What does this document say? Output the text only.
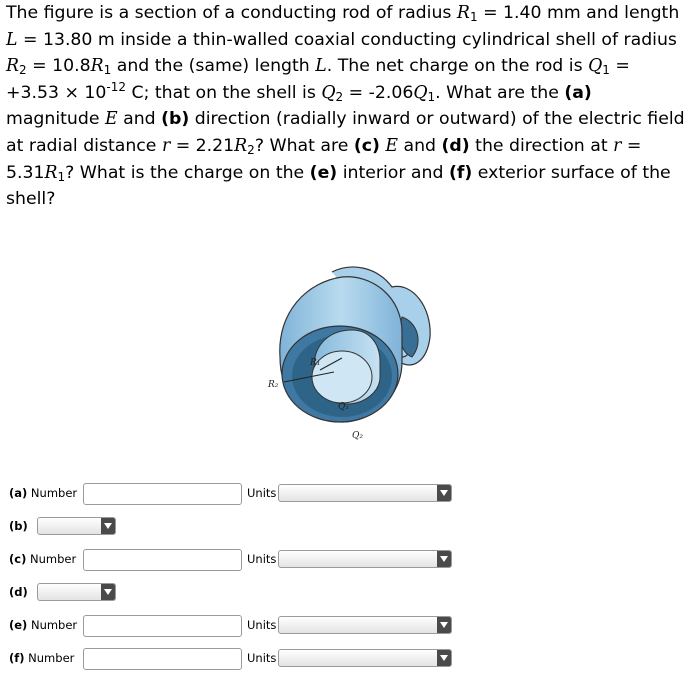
The figure is a section of a conducting rod of radius $R_1 = 1.40$ mm and length L = 13.80 m inside a thin-walled coaxial conducting cylindrical shell of radius $R_2 = 10.8R_1$ and the (same) length L. The net charge on the rod is $Q_1 = +3.53 \times 10^{-12}$ C; that on the shell is $Q_2 = -2.06Q_1$. What are the (a) magnitude E and (b) direction (radially inward or outward) of the electric field at radial distance $r = 2.21R_2$? What are (c) E and (d) the direction at $r = 5.31R_1$? What is the charge on the (e) interior and (f) exterior surface of the shell?

R₁
R₂
Q₁
Q₂
(a) Number	Units
(b)
(c) Number	Units
(d)
(e) Number	Units
(f) Number	Units
